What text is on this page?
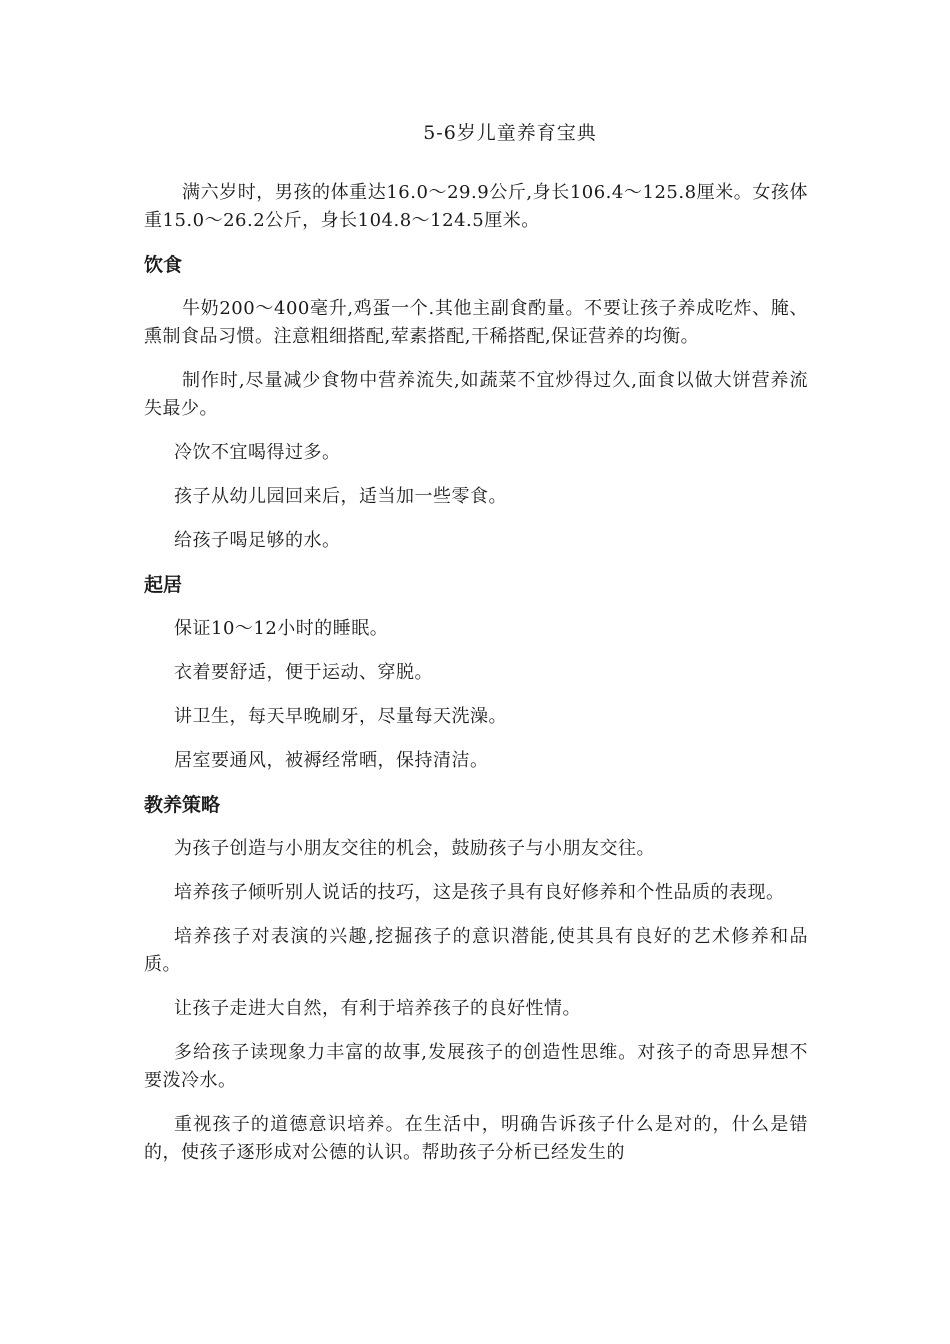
5-6岁儿童养育宝典

满六岁时，男孩的体重达16.0～29.9公斤,身长106.4～125.8厘米。女孩体重15.0～26.2公斤，身长104.8～124.5厘米。

饮食

牛奶200～400毫升,鸡蛋一个.其他主副食酌量。不要让孩子养成吃炸、腌、熏制食品习惯。注意粗细搭配,荤素搭配,干稀搭配,保证营养的均衡。

制作时,尽量减少食物中营养流失,如蔬菜不宜炒得过久,面食以做大饼营养流失最少。

冷饮不宜喝得过多。

孩子从幼儿园回来后，适当加一些零食。

给孩子喝足够的水。

起居

保证10～12小时的睡眠。

衣着要舒适，便于运动、穿脱。

讲卫生，每天早晚刷牙，尽量每天洗澡。

居室要通风，被褥经常晒，保持清洁。

教养策略

为孩子创造与小朋友交往的机会，鼓励孩子与小朋友交往。

培养孩子倾听别人说话的技巧，这是孩子具有良好修养和个性品质的表现。

培养孩子对表演的兴趣,挖掘孩子的意识潜能,使其具有良好的艺术修养和品质。

让孩子走进大自然，有利于培养孩子的良好性情。

多给孩子读现象力丰富的故事,发展孩子的创造性思维。对孩子的奇思异想不要泼冷水。

重视孩子的道德意识培养。在生活中，明确告诉孩子什么是对的，什么是错的，使孩子逐形成对公德的认识。帮助孩子分析已经发生的
